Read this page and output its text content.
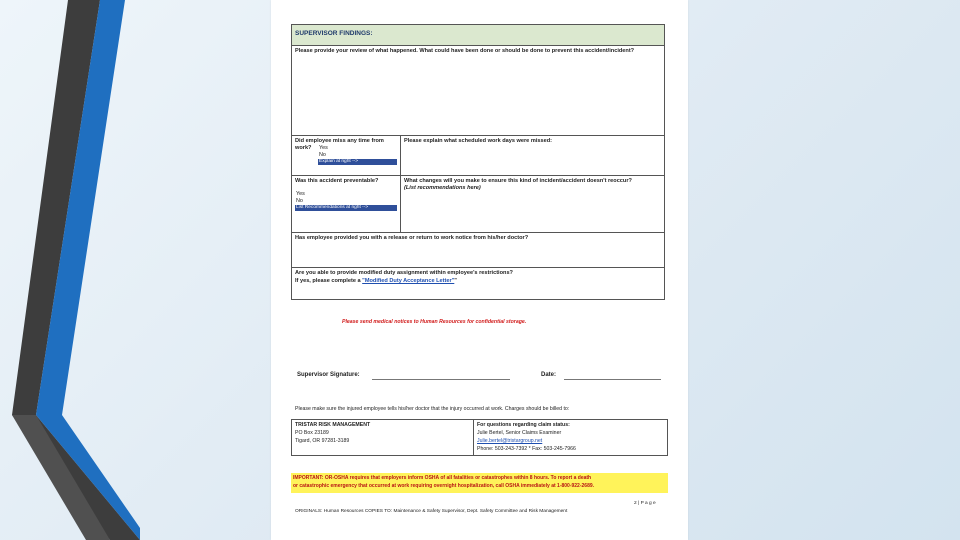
SUPERVISOR FINDINGS:
Please provide your review of what happened. What could have been done or should be done to prevent this accident/incident?
Did employee miss any time from
work? Yes
No
Explain at right -->
Please explain what scheduled work days were missed:
Was this accident preventable?
Yes
No
List Recommendations at right -->
What changes will you make to ensure this kind of incident/accident doesn't reoccur?
(List recommendations here)
Has employee provided you with a release or return to work notice from his/her doctor?
Are you able to provide modified duty assignment within employee's restrictions?
If yes, please complete a "Modified Duty Acceptance Letter""
Please send medical notices to Human Resources for confidential storage.
Supervisor Signature:	Date:
Please make sure the injured employee tells his/her doctor that the injury occurred at work. Charges should be billed to:
TRISTAR RISK MANAGEMENT
PO Box 23189
Tigard, OR 97281-3189
For questions regarding claim status:
Julie Bertel, Senior Claims Examiner
Julie.bertel@tristargroup.net
Phone: 503-243-7392 * Fax: 503-245-7966
IMPORTANT: OR-OSHA requires that employers inform OSHA of all fatalities or catastrophes within 8 hours. To report a death
or catastrophic emergency that occurred at work requiring overnight hospitalization, call OSHA immediately at 1-800-922-2689.
2 | P a g e
ORIGINALS: Human Resources COPIES TO: Maintenance & Safety Supervisor, Dept. Safety Committee and Risk Management
